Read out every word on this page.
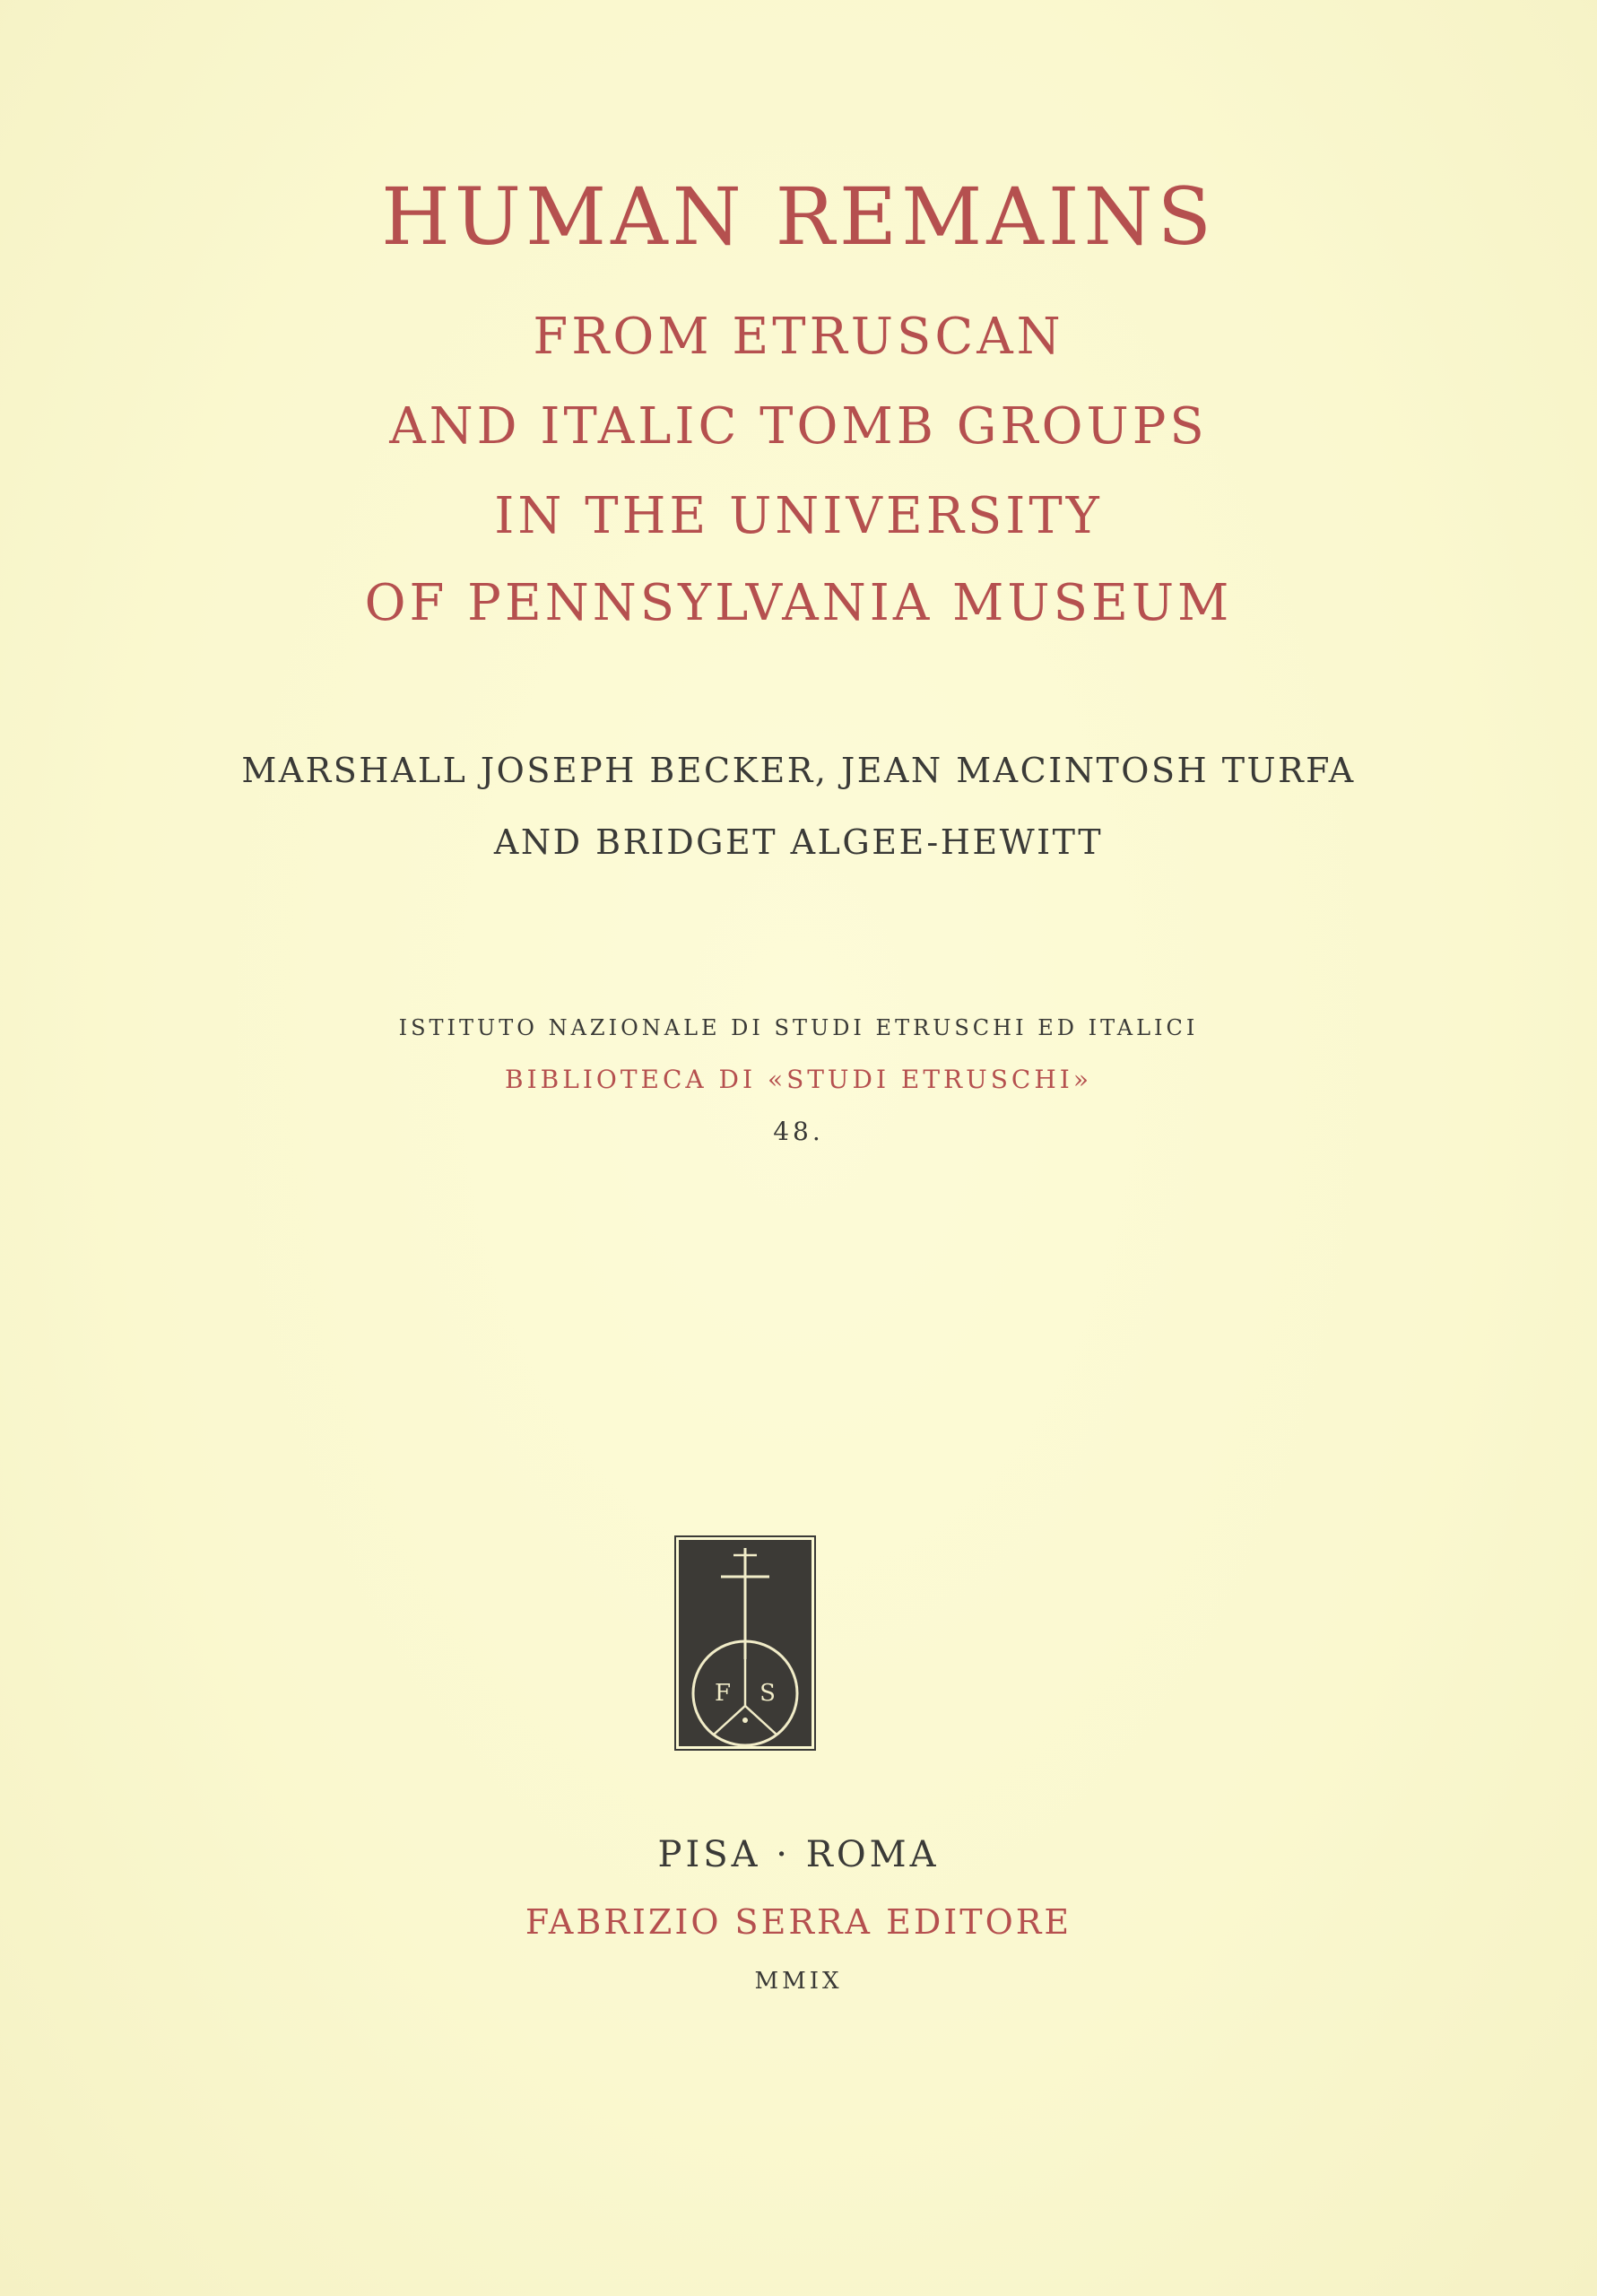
HUMAN REMAINS
FROM ETRUSCAN
AND ITALIC TOMB GROUPS
IN THE UNIVERSITY
OF PENNSYLVANIA MUSEUM
MARSHALL JOSEPH BECKER, JEAN MACINTOSH TURFA
AND BRIDGET ALGEE-HEWITT
ISTITUTO NAZIONALE DI STUDI ETRUSCHI ED ITALICI
BIBLIOTECA DI «STUDI ETRUSCHI»
48.
F S
PISA · ROMA
FABRIZIO SERRA EDITORE
MMIX
